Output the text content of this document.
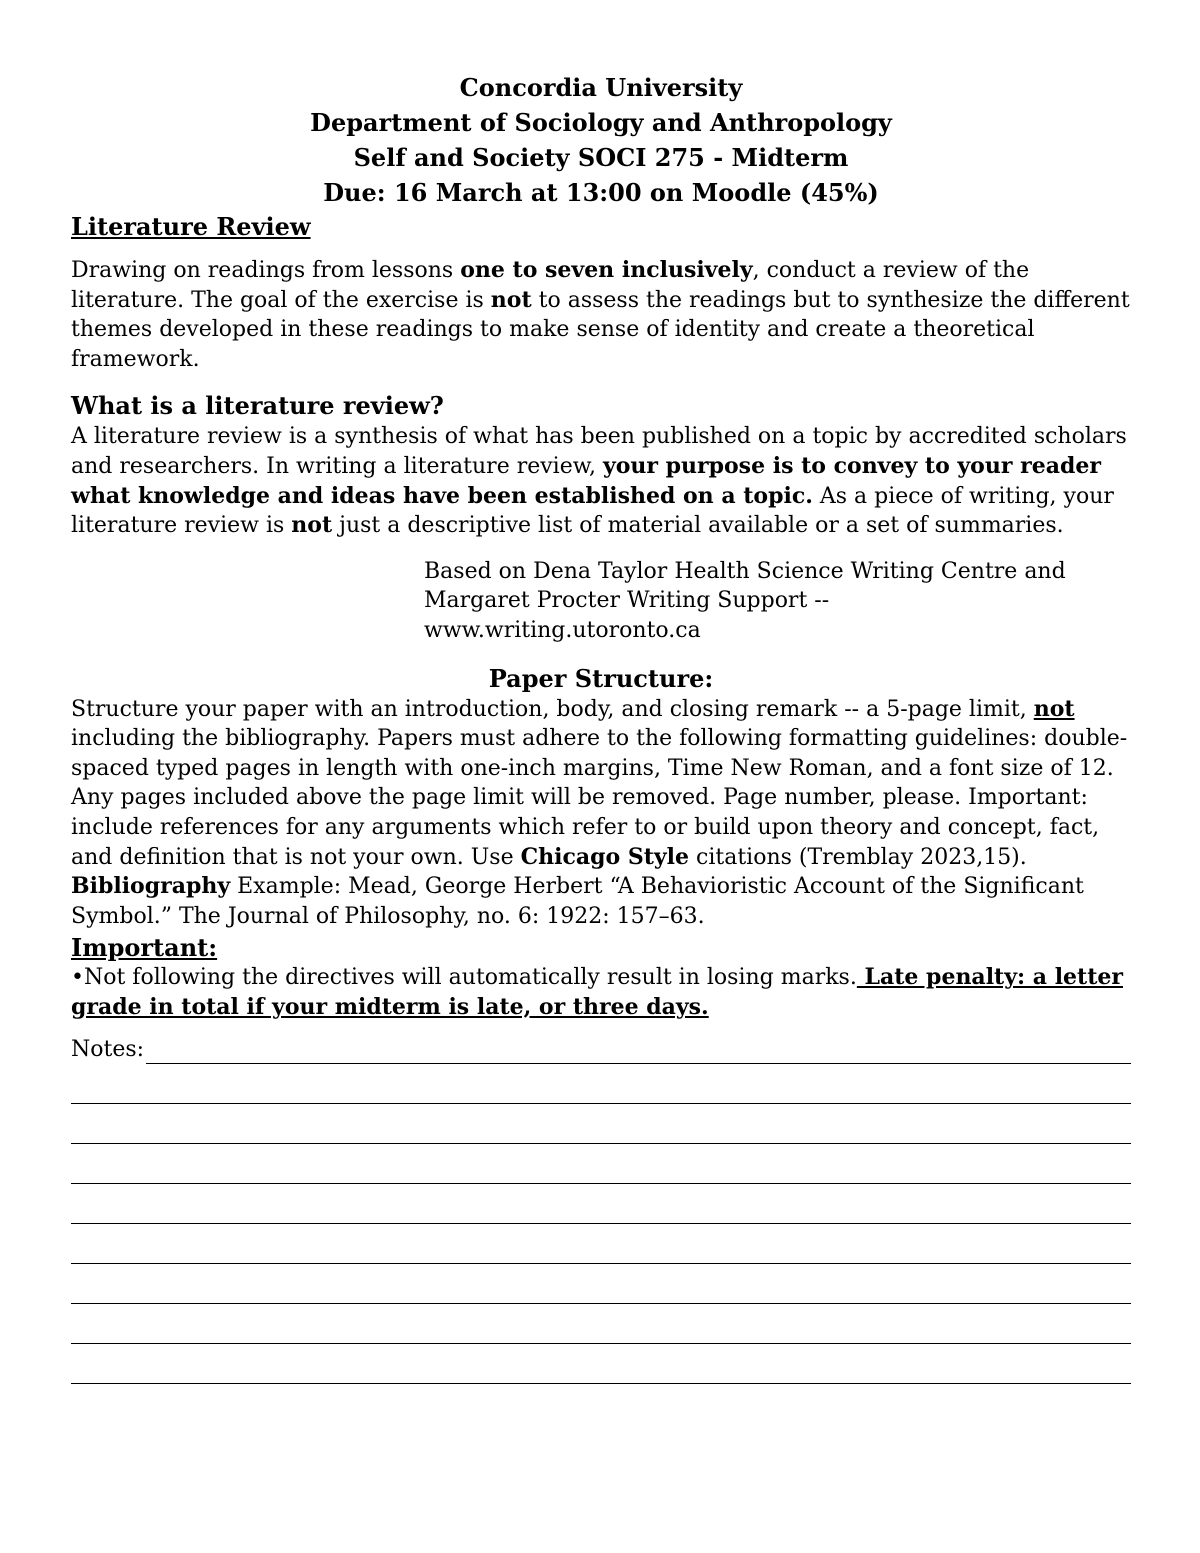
Concordia University
Department of Sociology and Anthropology
Self and Society SOCI 275 - Midterm
Due: 16 March at 13:00 on Moodle (45%)
Literature Review

Drawing on readings from lessons one to seven inclusively, conduct a review of the literature. The goal of the exercise is not to assess the readings but to synthesize the different themes developed in these readings to make sense of identity and create a theoretical framework.

What is a literature review?

A literature review is a synthesis of what has been published on a topic by accredited scholars and researchers. In writing a literature review, your purpose is to convey to your reader what knowledge and ideas have been established on a topic. As a piece of writing, your literature review is not just a descriptive list of material available or a set of summaries.

Based on Dena Taylor Health Science Writing Centre and
Margaret Procter Writing Support --
www.writing.utoronto.ca
Paper Structure:

Structure your paper with an introduction, body, and closing remark -- a 5-page limit, not including the bibliography. Papers must adhere to the following formatting guidelines: double-spaced typed pages in length with one-inch margins, Time New Roman, and a font size of 12. Any pages included above the page limit will be removed. Page number, please. Important: include references for any arguments which refer to or build upon theory and concept, fact, and definition that is not your own. Use Chicago Style citations (Tremblay 2023,15). Bibliography Example: Mead, George Herbert “A Behavioristic Account of the Significant Symbol.” The Journal of Philosophy, no. 6: 1922: 157–63.

Important:

•Not following the directives will automatically result in losing marks. Late penalty: a letter grade in total if your midterm is late, or three days.

Notes:
